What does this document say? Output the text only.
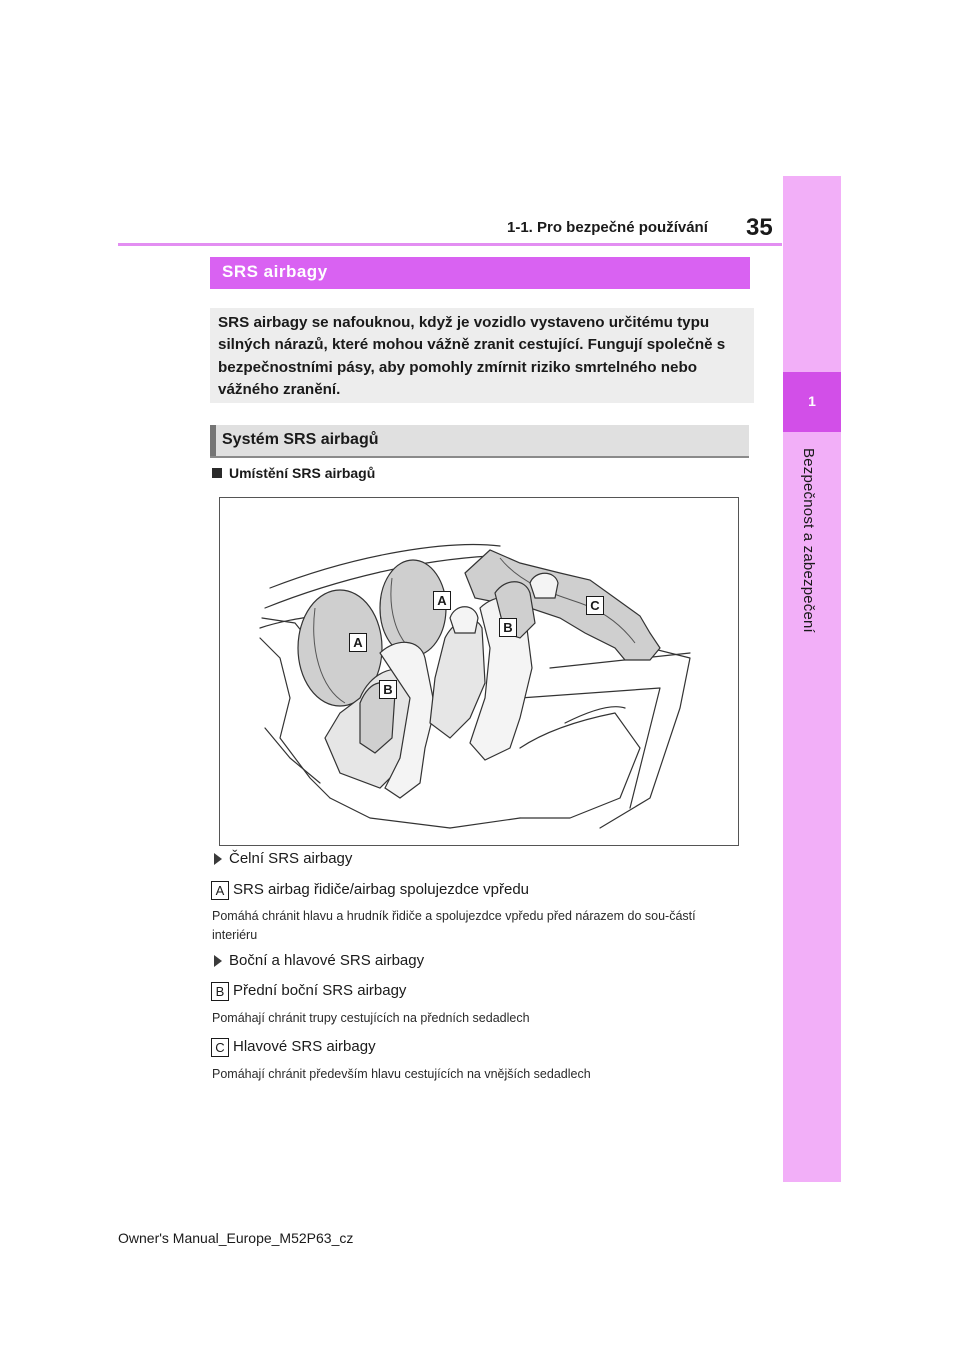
1-1. Pro bezpečné používání 35
1
Bezpečnost a zabezpečení
SRS airbagy
SRS airbagy se nafouknou, když je vozidlo vystaveno určitému typu silných nárazů, které mohou vážně zranit cestující. Fungují společně s bezpečnostními pásy, aby pomohly zmírnit riziko smrtelného nebo vážného zranění.
Systém SRS airbagů
Umístění SRS airbagů
A
A
B
B
C
Čelní SRS airbagy
A SRS airbag řidiče/airbag spolujezdce vpředu
Pomáhá chránit hlavu a hrudník řidiče a spolujezdce vpředu před nárazem do sou-částí interiéru
Boční a hlavové SRS airbagy
B Přední boční SRS airbagy
Pomáhají chránit trupy cestujících na předních sedadlech
C Hlavové SRS airbagy
Pomáhají chránit především hlavu cestujících na vnějších sedadlech
Owner's Manual_Europe_M52P63_cz
